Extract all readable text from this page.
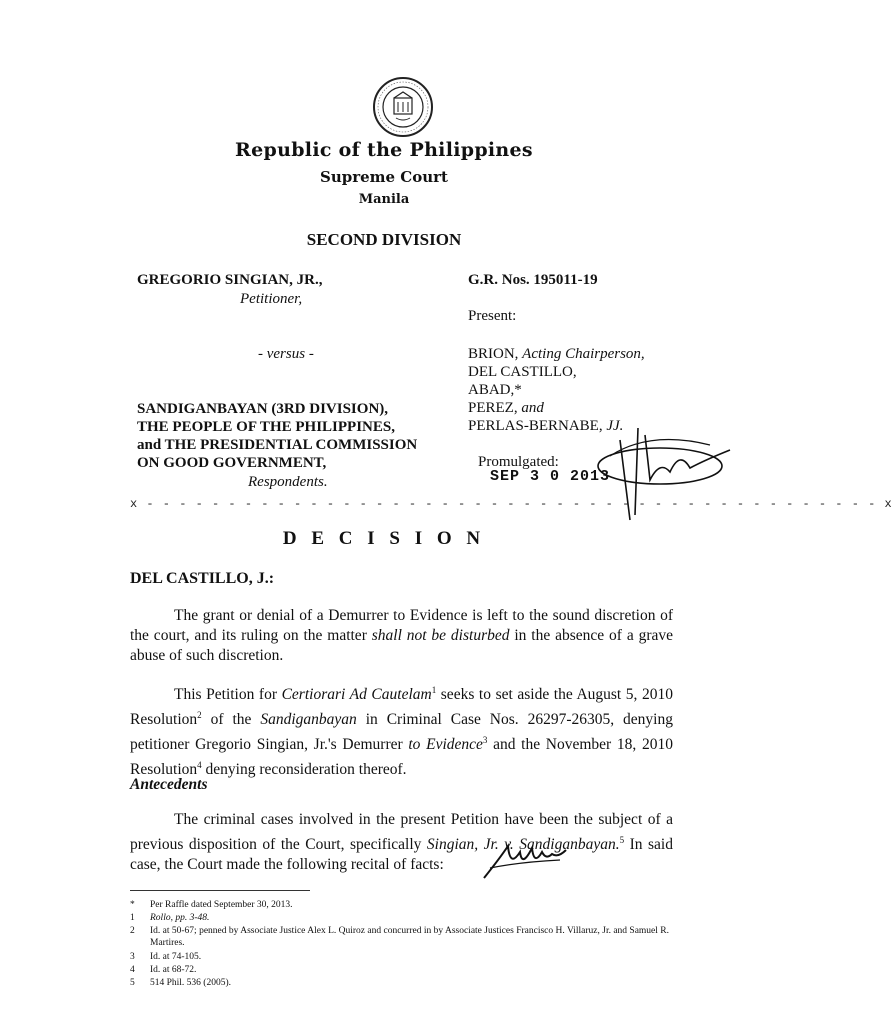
Republic of the Philippines
Supreme Court
Manila
SECOND DIVISION
GREGORIO SINGIAN, JR.,
Petitioner,
- versus -
SANDIGANBAYAN (3RD DIVISION),
THE PEOPLE OF THE PHILIPPINES,
and THE PRESIDENTIAL COMMISSION
ON GOOD GOVERNMENT,
Respondents.
G.R. Nos. 195011-19
Present:
BRION, Acting Chairperson,
DEL CASTILLO,
ABAD,*
PEREZ, and
PERLAS-BERNABE, JJ.
Promulgated:
SEP 3 0 2013
x - - - - - - - - - - - - - - - - - - - - - - - - - - - - - - - - - - - - - - - - - - - - - x
D E C I S I O N
DEL CASTILLO, J.:
The grant or denial of a Demurrer to Evidence is left to the sound discretion of the court, and its ruling on the matter shall not be disturbed in the absence of a grave abuse of such discretion.
This Petition for Certiorari Ad Cautelam$^1$ seeks to set aside the August 5, 2010 Resolution$^2$ of the Sandiganbayan in Criminal Case Nos. 26297-26305, denying petitioner Gregorio Singian, Jr.'s Demurrer to Evidence$^3$ and the November 18, 2010 Resolution$^4$ denying reconsideration thereof.
Antecedents
The criminal cases involved in the present Petition have been the subject of a previous disposition of the Court, specifically Singian, Jr. v. Sandiganbayan.$^5$ In said case, the Court made the following recital of facts:
* Per Raffle dated September 30, 2013.
1 Rollo, pp. 3-48.
2 Id. at 50-67; penned by Associate Justice Alex L. Quiroz and concurred in by Associate Justices Francisco H. Villaruz, Jr. and Samuel R. Martires.
3 Id. at 74-105.
4 Id. at 68-72.
5 514 Phil. 536 (2005).
